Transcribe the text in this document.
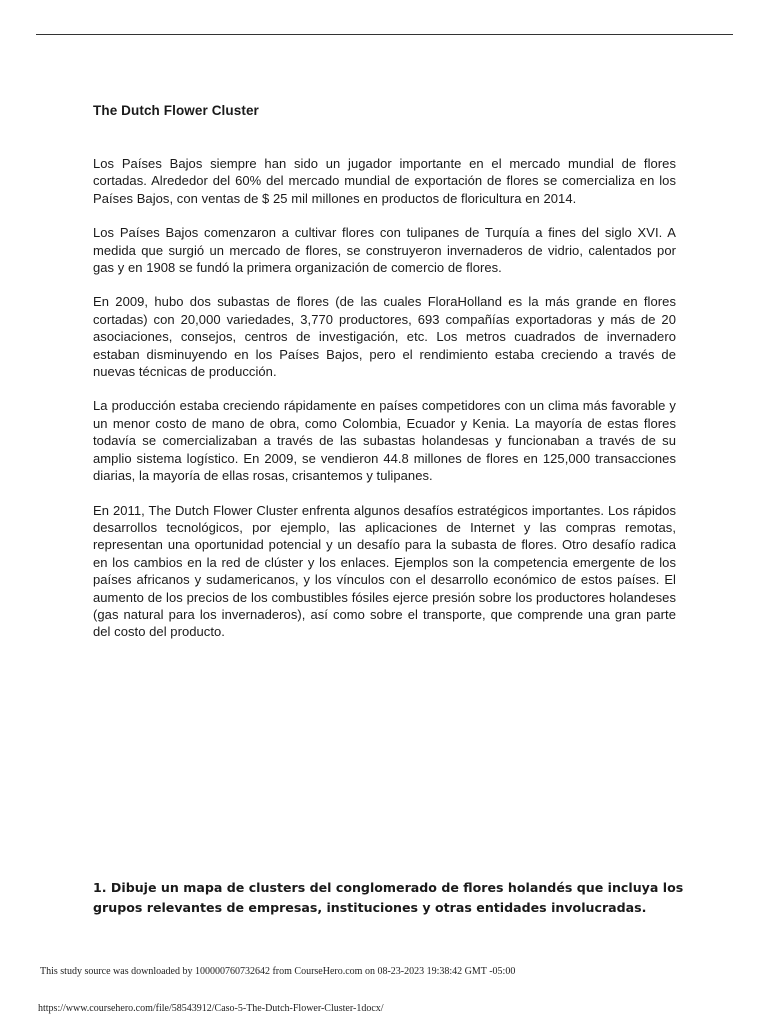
The Dutch Flower Cluster

Los Países Bajos siempre han sido un jugador importante en el mercado mundial de flores cortadas. Alrededor del 60% del mercado mundial de exportación de flores se comercializa en los Países Bajos, con ventas de $ 25 mil millones en productos de floricultura en 2014.

Los Países Bajos comenzaron a cultivar flores con tulipanes de Turquía a fines del siglo XVI. A medida que surgió un mercado de flores, se construyeron invernaderos de vidrio, calentados por gas y en 1908 se fundó la primera organización de comercio de flores.

En 2009, hubo dos subastas de flores (de las cuales FloraHolland es la más grande en flores cortadas) con 20,000 variedades, 3,770 productores, 693 compañías exportadoras y más de 20 asociaciones, consejos, centros de investigación, etc. Los metros cuadrados de invernadero estaban disminuyendo en los Países Bajos, pero el rendimiento estaba creciendo a través de nuevas técnicas de producción.

La producción estaba creciendo rápidamente en países competidores con un clima más favorable y un menor costo de mano de obra, como Colombia, Ecuador y Kenia. La mayoría de estas flores todavía se comercializaban a través de las subastas holandesas y funcionaban a través de su amplio sistema logístico. En 2009, se vendieron 44.8 millones de flores en 125,000 transacciones diarias, la mayoría de ellas rosas, crisantemos y tulipanes.

En 2011, The Dutch Flower Cluster enfrenta algunos desafíos estratégicos importantes. Los rápidos desarrollos tecnológicos, por ejemplo, las aplicaciones de Internet y las compras remotas, representan una oportunidad potencial y un desafío para la subasta de flores. Otro desafío radica en los cambios en la red de clúster y los enlaces. Ejemplos son la competencia emergente de los países africanos y sudamericanos, y los vínculos con el desarrollo económico de estos países. El aumento de los precios de los combustibles fósiles ejerce presión sobre los productores holandeses (gas natural para los invernaderos), así como sobre el transporte, que comprende una gran parte del costo del producto.

1. Dibuje un mapa de clusters del conglomerado de flores holandés que incluya los grupos relevantes de empresas, instituciones y otras entidades involucradas.

This study source was downloaded by 100000760732642 from CourseHero.com on 08-23-2023 19:38:42 GMT -05:00

https://www.coursehero.com/file/58543912/Caso-5-The-Dutch-Flower-Cluster-1docx/
